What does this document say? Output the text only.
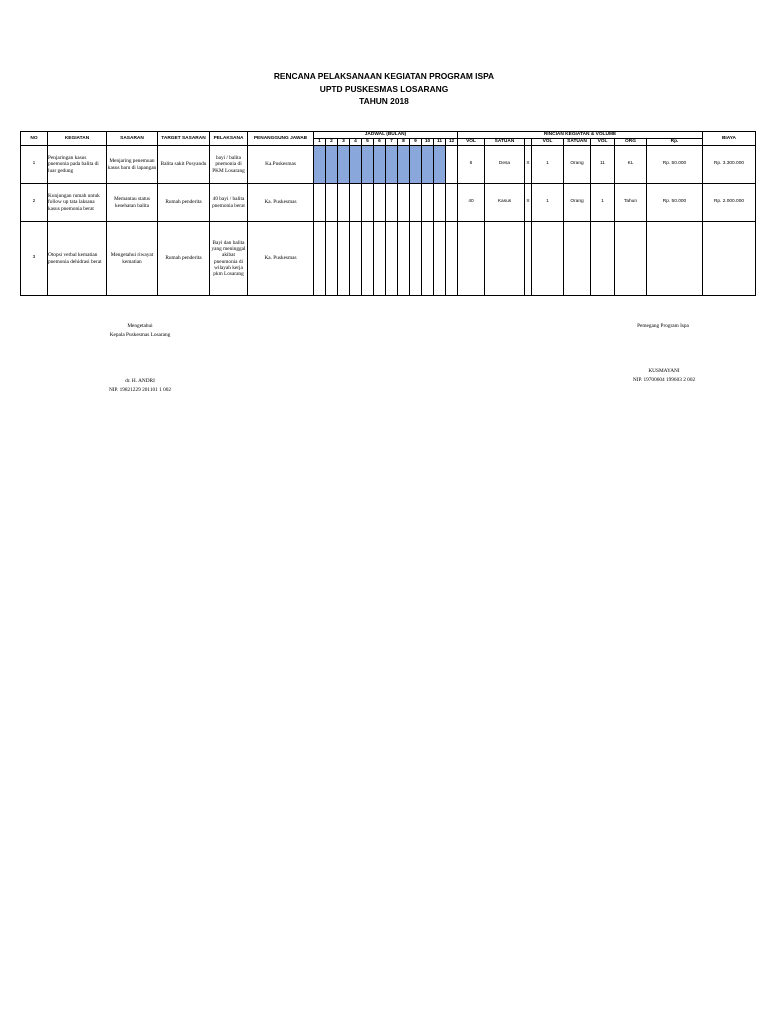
RENCANA PELAKSANAAN KEGIATAN PROGRAM ISPA
UPTD PUSKESMAS LOSARANG
TAHUN 2018
NO	KEGIATAN	SASARAN	TARGET SASARAN	PELAKSANA	PENANGGUNG JAWAB	JADWAL (BULAN)												RINCIAN KEGIATAN & VOLUME								BIAYA
						1	2	3	4	5	6	7	8	9	10	11	12	VOL	SATUAN		VOL	SATUAN	VOL	ORG	Rp.	
1	Penjaringan kasus pnemonia pada balita di luar gedung	Menjaring penemuan kasus baru di lapangan	Balita sakit Posyandu	bayi / balita pnemonia di PKM Losarang	Ka.Puskesmas													6	Desa	X	1	Orang	11	KL	Rp. 50.000	Rp. 3.300.000
2	Kunjungan rumah untuk follow up tata laksana kasus pnemonia berat	Memantau status kesehatan balita	Rumah penderita	40 bayi / balita pnemonia berat	Ka. Puskesmas													40	Kasus	X	1	Orang	1	Tahun	Rp. 50.000	Rp. 2.000.000
3	Otopsi verbal kematian pnemonia dehidrasi berat	Mengetahui riwayat kematian	Rumah penderita	Bayi dan balita yang meninggal akibat pneumonia di wilayah kerja pkm Losarang	Ka. Puskesmas																					
Mengetahui
Kepala Puskesmas Losarang
dr. H. ANDRI
NIP. 19821229 201101 1 002
Pemegang Program Ispa
KUSMAYANI
NIP. 19700604 199603 2 002
